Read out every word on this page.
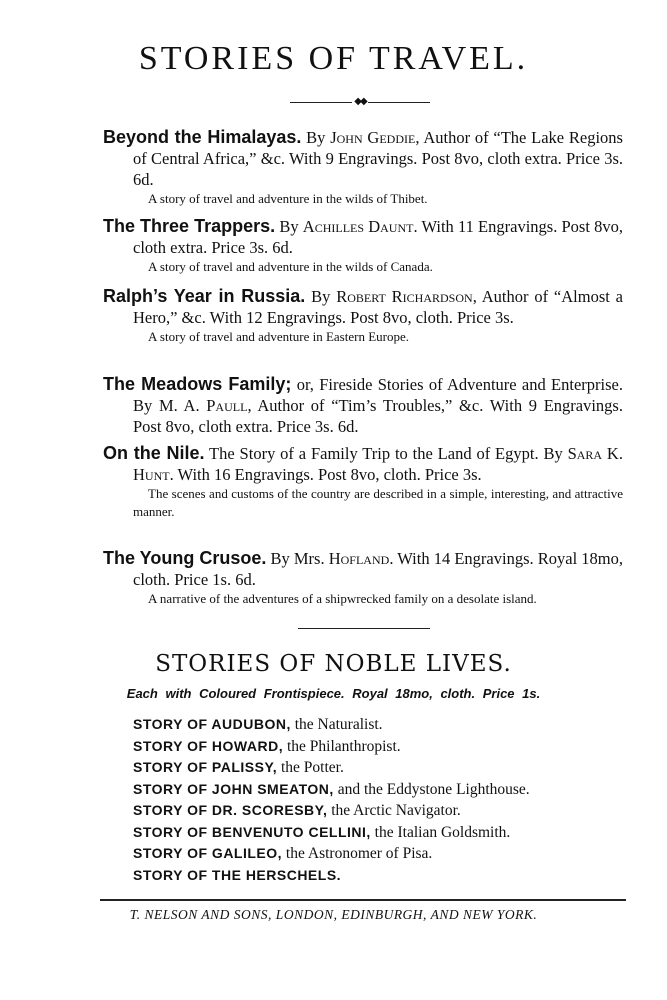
STORIES OF TRAVEL.
◆◆

Beyond the Himalayas. By John Geddie, Author of “The Lake Regions of Central Africa,” &c. With 9 Engravings. Post 8vo, cloth extra. Price 3s. 6d.

A story of travel and adventure in the wilds of Thibet.

The Three Trappers. By Achilles Daunt. With 11 Engravings. Post 8vo, cloth extra. Price 3s. 6d.

A story of travel and adventure in the wilds of Canada.

Ralph’s Year in Russia. By Robert Richardson, Author of “Almost a Hero,” &c. With 12 Engravings. Post 8vo, cloth. Price 3s.

A story of travel and adventure in Eastern Europe.

The Meadows Family; or, Fireside Stories of Adventure and Enterprise. By M. A. Paull, Author of “Tim’s Troubles,” &c. With 9 Engravings. Post 8vo, cloth extra. Price 3s. 6d.

On the Nile. The Story of a Family Trip to the Land of Egypt. By Sara K. Hunt. With 16 Engravings. Post 8vo, cloth. Price 3s.

The scenes and customs of the country are described in a simple, interesting, and attractive manner.

The Young Crusoe. By Mrs. Hofland. With 14 Engravings. Royal 18mo, cloth. Price 1s. 6d.

A narrative of the adventures of a shipwrecked family on a desolate island.

STORIES OF NOBLE LIVES.
Each with Coloured Frontispiece. Royal 18mo, cloth. Price 1s.
STORY OF AUDUBON, the Naturalist.
STORY OF HOWARD, the Philanthropist.
STORY OF PALISSY, the Potter.
STORY OF JOHN SMEATON, and the Eddystone Lighthouse.
STORY OF DR. SCORESBY, the Arctic Navigator.
STORY OF BENVENUTO CELLINI, the Italian Goldsmith.
STORY OF GALILEO, the Astronomer of Pisa.
STORY OF THE HERSCHELS.
T. NELSON AND SONS, LONDON, EDINBURGH, AND NEW YORK.
